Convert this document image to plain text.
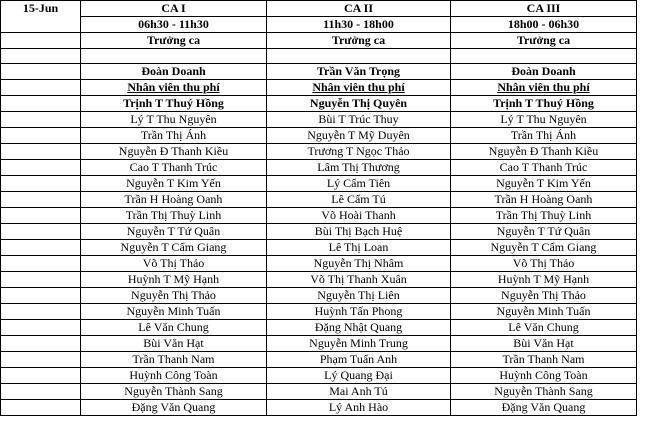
15-Jun	CA I	CA II	CA III
	06h30 - 11h30	11h30 - 18h00	18h00 - 06h30
	Trưởng ca	Trưởng ca	Trưởng ca

	Đoàn Doanh	Trần Văn Trọng	Đoàn Doanh
	Nhân viên thu phí	Nhân viên thu phí	Nhân viên thu phí
	Trịnh T Thuý Hồng	Nguyễn Thị Quyên	Trịnh T Thuý Hồng
	Lý T Thu Nguyên	Bùi T Trúc Thuy	Lý T Thu Nguyên
	Trần Thị Ánh	Nguyễn T Mỹ Duyên	Trần Thị Ánh
	Nguyễn Đ Thanh Kiều	Trương T Ngọc Thảo	Nguyễn Đ Thanh Kiều
	Cao T Thanh Trúc	Lâm Thị Thương	Cao T Thanh Trúc
	Nguyễn T Kim Yến	Lý Cẩm Tiên	Nguyễn T Kim Yến
	Trần H Hoàng Oanh	Lê Cẩm Tú	Trần H Hoàng Oanh
	Trần Thị Thuỳ Linh	Võ Hoài Thanh	Trần Thị Thuỳ Linh
	Nguyễn T Tứ Quân	Bùi Thị Bạch Huệ	Nguyễn T Tứ Quân
	Nguyễn T Cẩm Giang	Lê Thị Loan	Nguyễn T Cẩm Giang
	Võ Thị Thảo	Nguyễn Thị Nhâm	Võ Thị Thảo
	Huỳnh T Mỹ Hạnh	Võ Thị Thanh Xuân	Huỳnh T Mỹ Hạnh
	Nguyễn Thị Thảo	Nguyễn Thị Liên	Nguyễn Thị Thảo
	Nguyễn Minh Tuấn	Huỳnh Tấn Phong	Nguyễn Minh Tuấn
	Lê Văn Chung	Đặng Nhật Quang	Lê Văn Chung
	Bùi Văn Hạt	Nguyễn Minh Trung	Bùi Văn Hạt
	Trần Thanh Nam	Phạm Tuấn Anh	Trần Thanh Nam
	Huỳnh Công Toàn	Lý Quang Đại	Huỳnh Công Toàn
	Nguyễn Thành Sang	Mai Anh Tú	Nguyễn Thành Sang
	Đặng Văn Quang	Lý Anh Hào	Đặng Văn Quang
